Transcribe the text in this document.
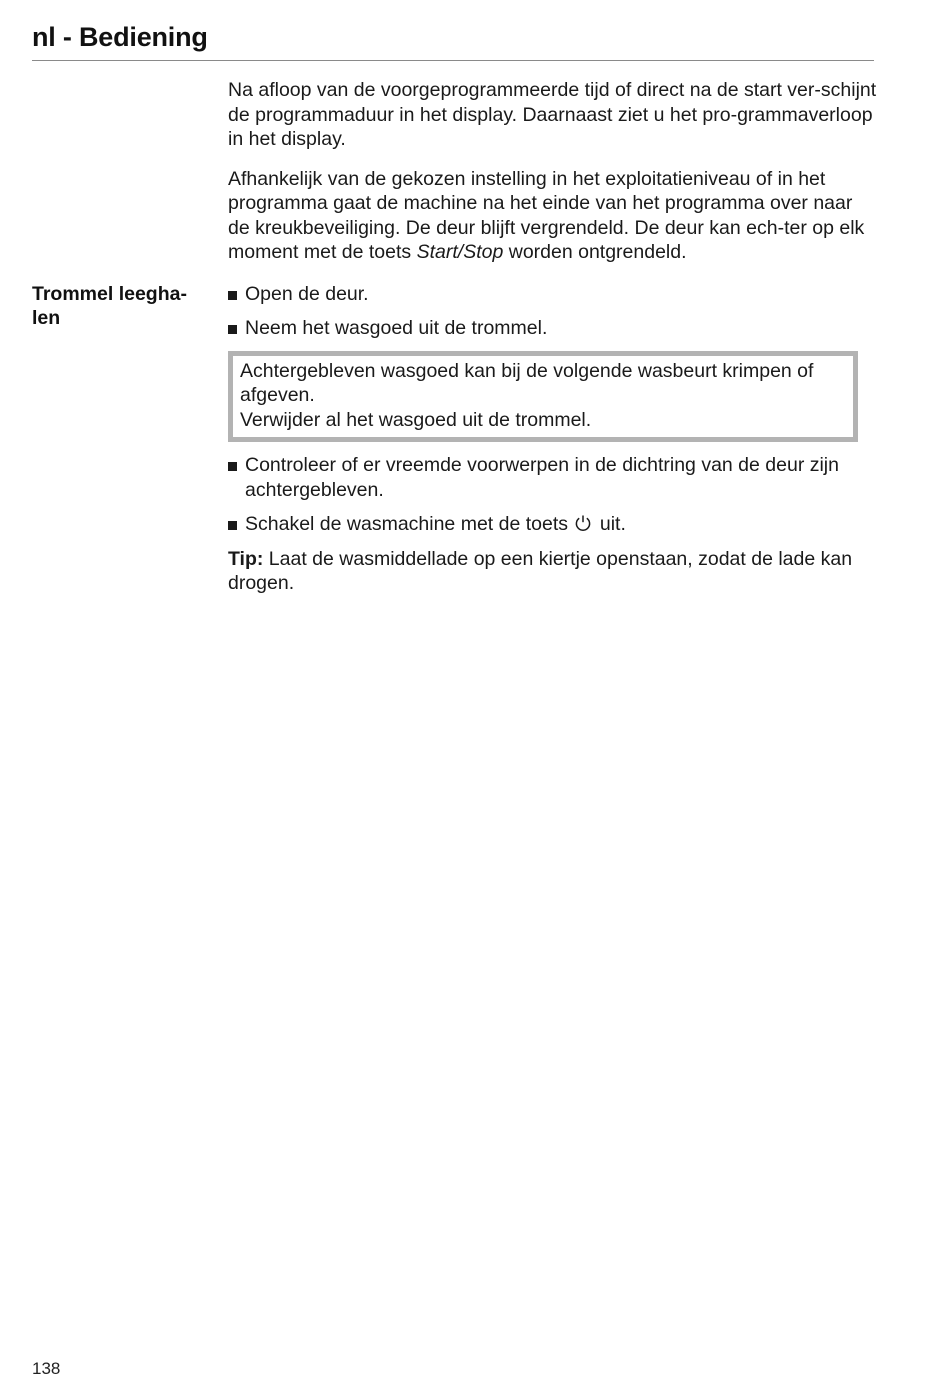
nl - Bediening
Trommel leegha-
len

Na afloop van de voorgeprogrammeerde tijd of direct na de start ver-schijnt de programmaduur in het display. Daarnaast ziet u het pro-grammaverloop in het display.

Afhankelijk van de gekozen instelling in het exploitatieniveau of in het programma gaat de machine na het einde van het programma over naar de kreukbeveiliging. De deur blijft vergrendeld. De deur kan ech-ter op elk moment met de toets Start/Stop worden ontgrendeld.

Open de deur.
Neem het wasgoed uit de trommel.
Achtergebleven wasgoed kan bij de volgende wasbeurt krimpen of afgeven.
Verwijder al het wasgoed uit de trommel.
Controleer of er vreemde voorwerpen in de dichtring van de deur zijn achtergebleven.
Schakel de wasmachine met de toets  uit.

Tip: Laat de wasmiddellade op een kiertje openstaan, zodat de lade kan drogen.

138
